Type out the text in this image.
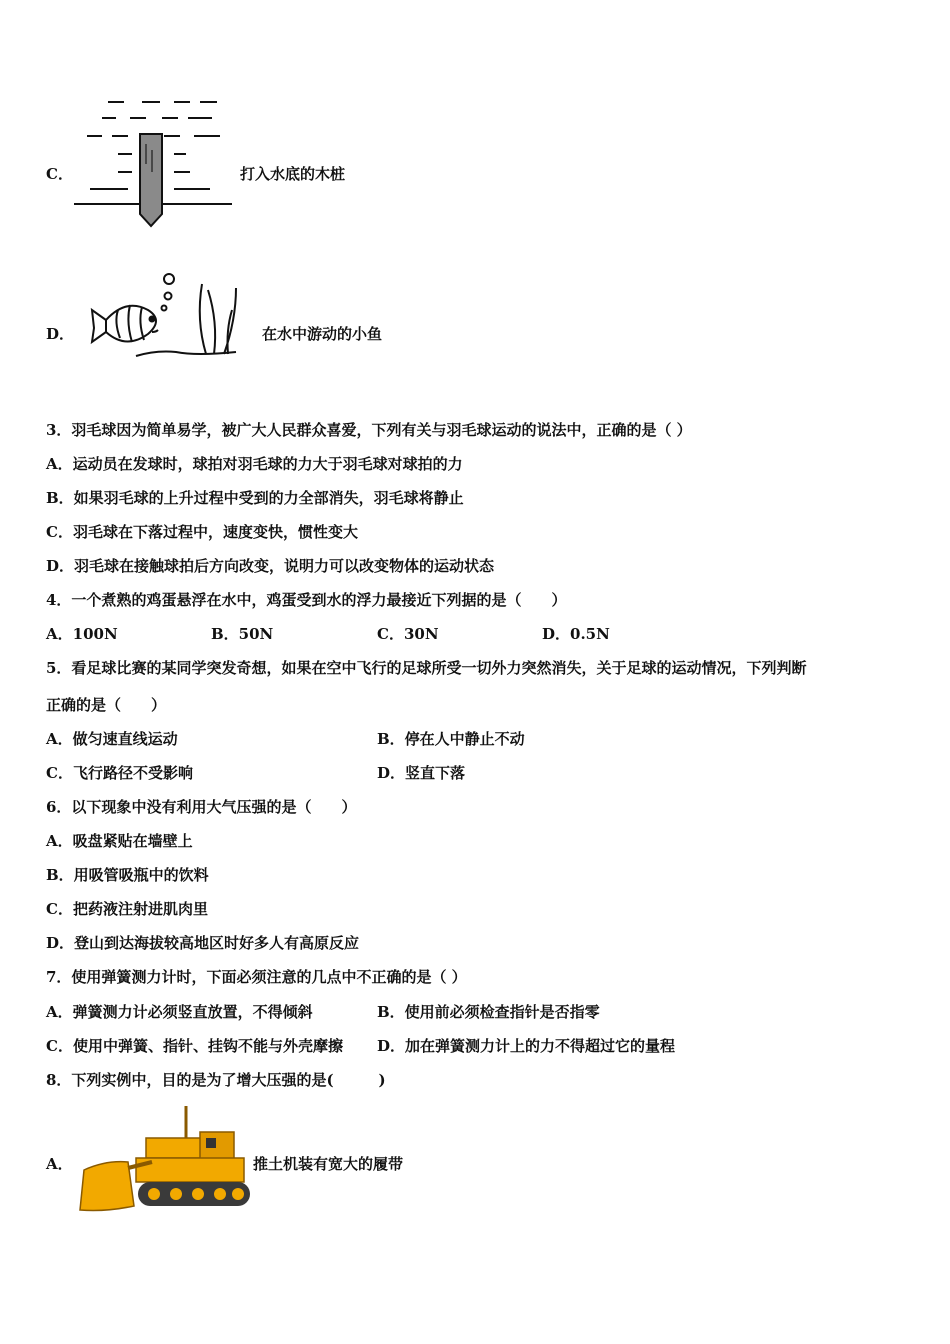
C．	打入水底的木桩
D．	在水中游动的小鱼
3．羽毛球因为简单易学，被广大人民群众喜爱，下列有关与羽毛球运动的说法中，正确的是（ ）
A．运动员在发球时，球拍对羽毛球的力大于羽毛球对球拍的力
B．如果羽毛球的上升过程中受到的力全部消失，羽毛球将静止
C．羽毛球在下落过程中，速度变快，惯性变大
D．羽毛球在接触球拍后方向改变，说明力可以改变物体的运动状态
4．一个煮熟的鸡蛋悬浮在水中，鸡蛋受到水的浮力最接近下列据的是（　　）
A．100N	B．50N	C．30N	D．0.5N
5．看足球比赛的某同学突发奇想，如果在空中飞行的足球所受一切外力突然消失，关于足球的运动情况，下列判断
正确的是（　　）
A．做匀速直线运动	B．停在人中静止不动
C．飞行路径不受影响	D．竖直下落
6．以下现象中没有利用大气压强的是（　　）
A．吸盘紧贴在墙壁上
B．用吸管吸瓶中的饮料
C．把药液注射进肌肉里
D．登山到达海拔较高地区时好多人有高原反应
7．使用弹簧测力计时，下面必须注意的几点中不正确的是（ ）
A．弹簧测力计必须竖直放置，不得倾斜	B．使用前必须检查指针是否指零
C．使用中弹簧、指针、挂钩不能与外壳摩擦 D．加在弹簧测力计上的力不得超过它的量程
8．下列实例中，目的是为了增大压强的是(　　　)
A．	推土机装有宽大的履带
